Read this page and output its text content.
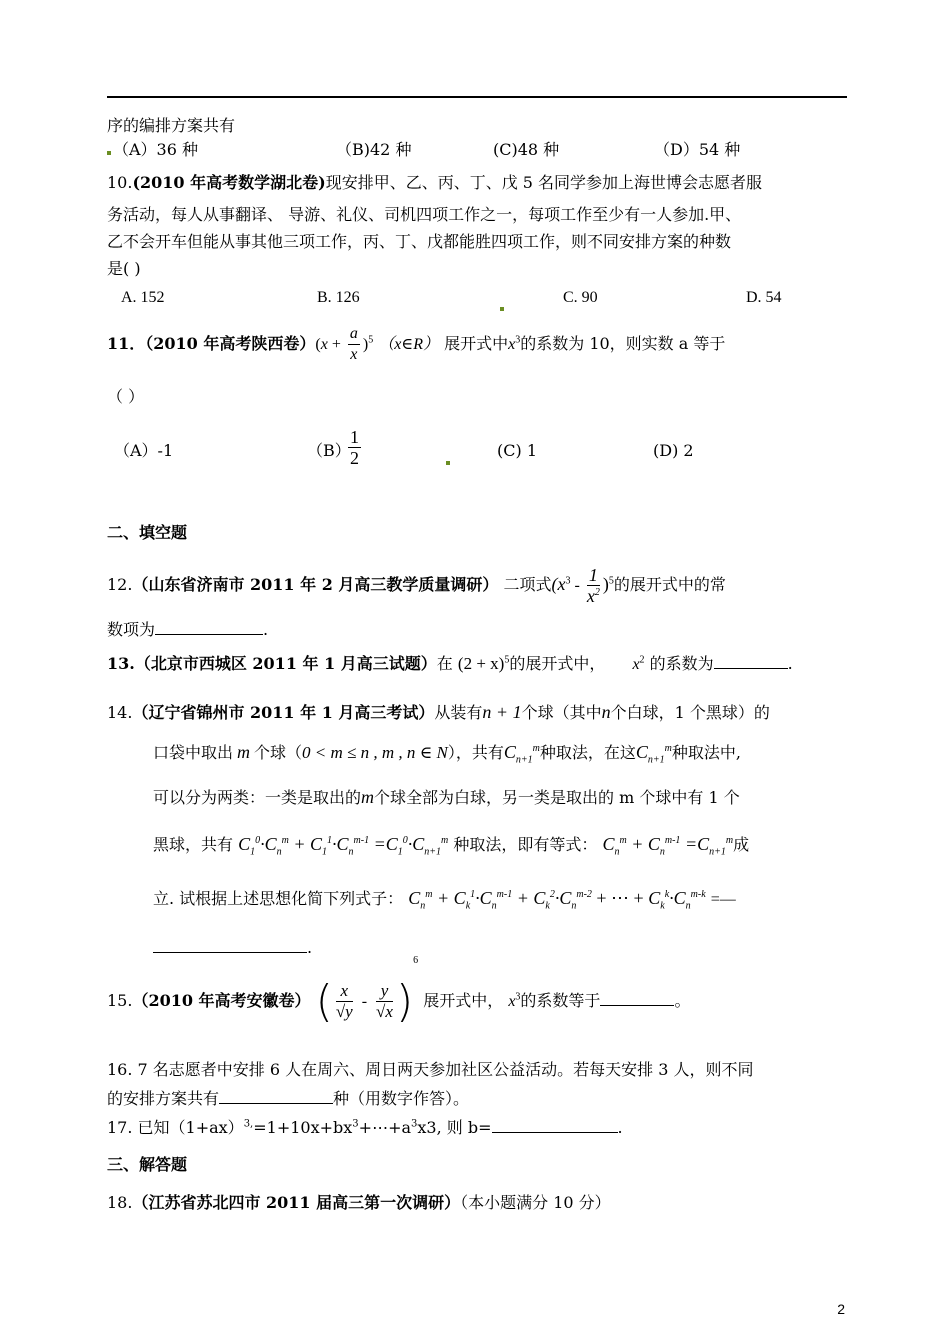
序的编排方案共有
（A）36 种	（B)42 种	(C)48 种	（D）54 种
10.(2010 年高考数学湖北卷)现安排甲、乙、丙、丁、戊 5 名同学参加上海世博会志愿者服
务活动，每人从事翻译、 导游、礼仪、司机四项工作之一，每项工作至少有一人参加.甲、
乙不会开车但能从事其他三项工作，丙、丁、戊都能胜四项工作，则不同安排方案的种数
是( )
A. 152	B. 126	C. 90	D. 54
11．（2010 年高考陕西卷）$(x + \frac{a}{x} )^5$ （x∈R） 展开式中$x^3$的系数为 10，则实数 a 等于
（ ）
（A）-1	（B）
$\frac{1}{2}$	(C) 1	(D) 2
二、填空题
12.（山东省济南市 2011 年 2 月高三教学质量调研） 二项式$(x^3 - \frac{1}{x^2} )^5$的展开式中的常
数项为	.
13.（北京市西城区 2011 年 1 月高三试题）在 $(2 + x)^5$的展开式中， $x^2$ 的系数为	.
14.（辽宁省锦州市 2011 年 1 月高三考试）从装有n + 1个球（其中n个白球，1 个黑球）的
口袋中取出 m 个球（0 < m ≤ n , m , n ∈ N），共有$C_{n+1}^m$种取法，在这$C_{n+1}^m$种取法中,
可以分为两类：一类是取出的m个球全部为白球，另一类是取出的 m 个球中有 1 个
黑球，共有 $C_1^0\cdot C_n^m + C_1^1\cdot C_n^{m-1} =C_1^0\cdot C_{n+1}^m$ 种取法，即有等式： $C_n^m + C_n^{m-1} =C_{n+1}^m$成
立. 试根据上述思想化简下列式子： $C_n^m + C_k^1\cdot C_n^{m-1} + C_k^2\cdot C_n^{m-2}$ + ⋯ + $C_k^k\cdot C_n^{m-k}$ =—
.
15.（2010 年高考安徽卷） ( $\frac{x}{√y} - \frac{y}{√x} )^6$ 展开式中， $x^3$的系数等于	。
16. 7 名志愿者中安排 6 人在周六、周日两天参加社区公益活动。若每天安排 3 人，则不同
的安排方案共有	种（用数字作答）。
17. 已知$(1+ax)^{3,}=1+10x+bx^3+\cdots+a^3x3$, 则 b=	.
三、解答题
18.（江苏省苏北四市 2011 届高三第一次调研）（本小题满分 10 分）
2
